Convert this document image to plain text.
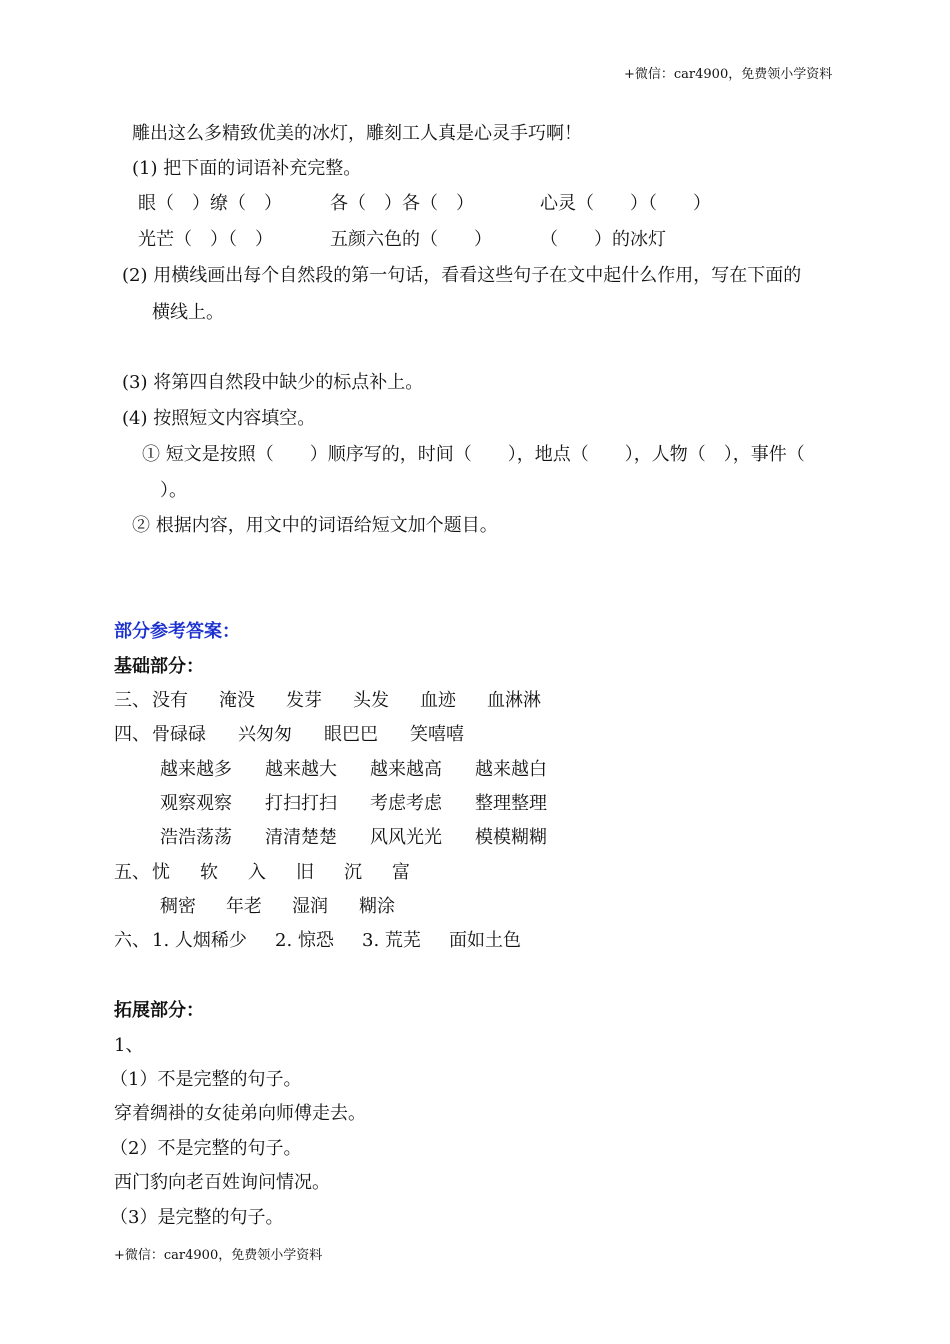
+微信：car4900，免费领小学资料
雕出这么多精致优美的冰灯，雕刻工人真是心灵手巧啊！
(1) 把下面的词语补充完整。
眼（　）缭（　）	各（　）各（　）	心灵（　　）（　　）
光芒（　）（　）	五颜六色的（　　）	（　　）的冰灯
(2) 用横线画出每个自然段的第一句话，看看这些句子在文中起什么作用，写在下面的
横线上。
(3) 将第四自然段中缺少的标点补上。
(4) 按照短文内容填空。
① 短文是按照（　　）顺序写的，时间（　　），地点（　　），人物（　），事件（
）。
② 根据内容，用文中的词语给短文加个题目。
部分参考答案：
基础部分：
三、 没有 淹没 发芽 头发 血迹 血淋淋
四、 骨碌碌 兴匆匆 眼巴巴 笑嘻嘻
越来越多 越来越大 越来越高 越来越白
观察观察 打扫打扫 考虑考虑 整理整理
浩浩荡荡 清清楚楚 风风光光 模模糊糊
五、 忧 软 入 旧 沉 富
稠密 年老 湿润 糊涂
六、 1. 人烟稀少 2. 惊恐 3. 荒芜 面如土色
拓展部分：
1、
（1）不是完整的句子。
穿着绸褂的女徒弟向师傅走去。
（2）不是完整的句子。
西门豹向老百姓询问情况。
（3）是完整的句子。
+微信：car4900，免费领小学资料
